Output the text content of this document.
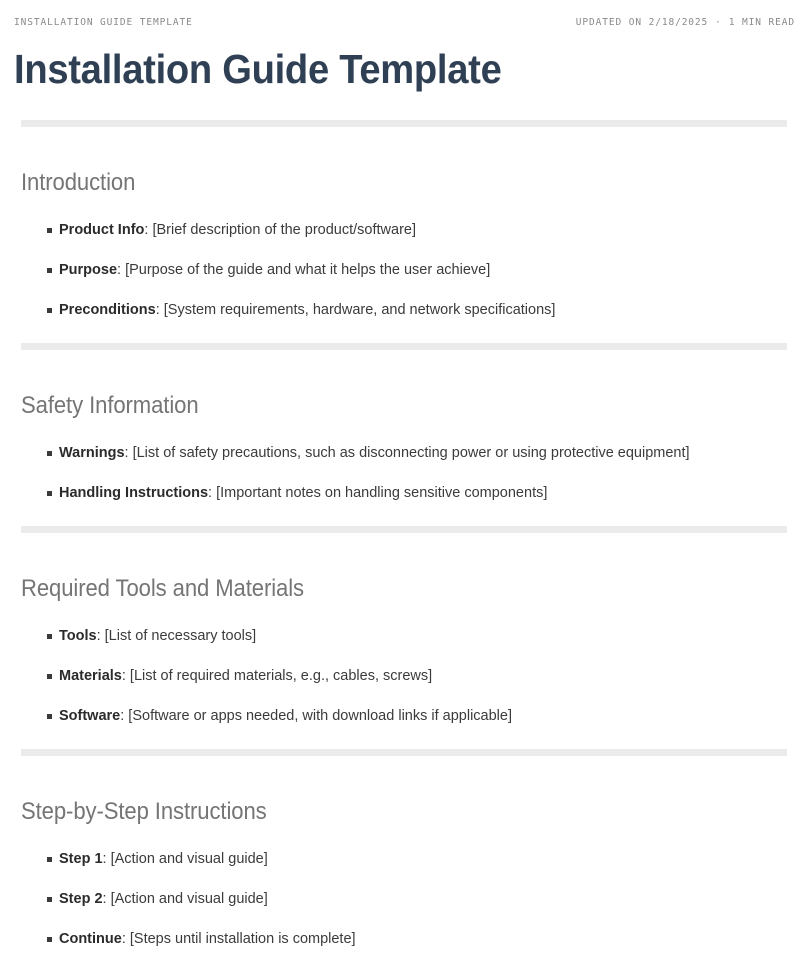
INSTALLATION GUIDE TEMPLATE	UPDATED ON 2/18/2025 · 1 MIN READ
Installation Guide Template
Introduction
Product Info: [Brief description of the product/software]
Purpose: [Purpose of the guide and what it helps the user achieve]
Preconditions: [System requirements, hardware, and network specifications]
Safety Information
Warnings: [List of safety precautions, such as disconnecting power or using protective equipment]
Handling Instructions: [Important notes on handling sensitive components]
Required Tools and Materials
Tools: [List of necessary tools]
Materials: [List of required materials, e.g., cables, screws]
Software: [Software or apps needed, with download links if applicable]
Step-by-Step Instructions
Step 1: [Action and visual guide]
Step 2: [Action and visual guide]
Continue: [Steps until installation is complete]
